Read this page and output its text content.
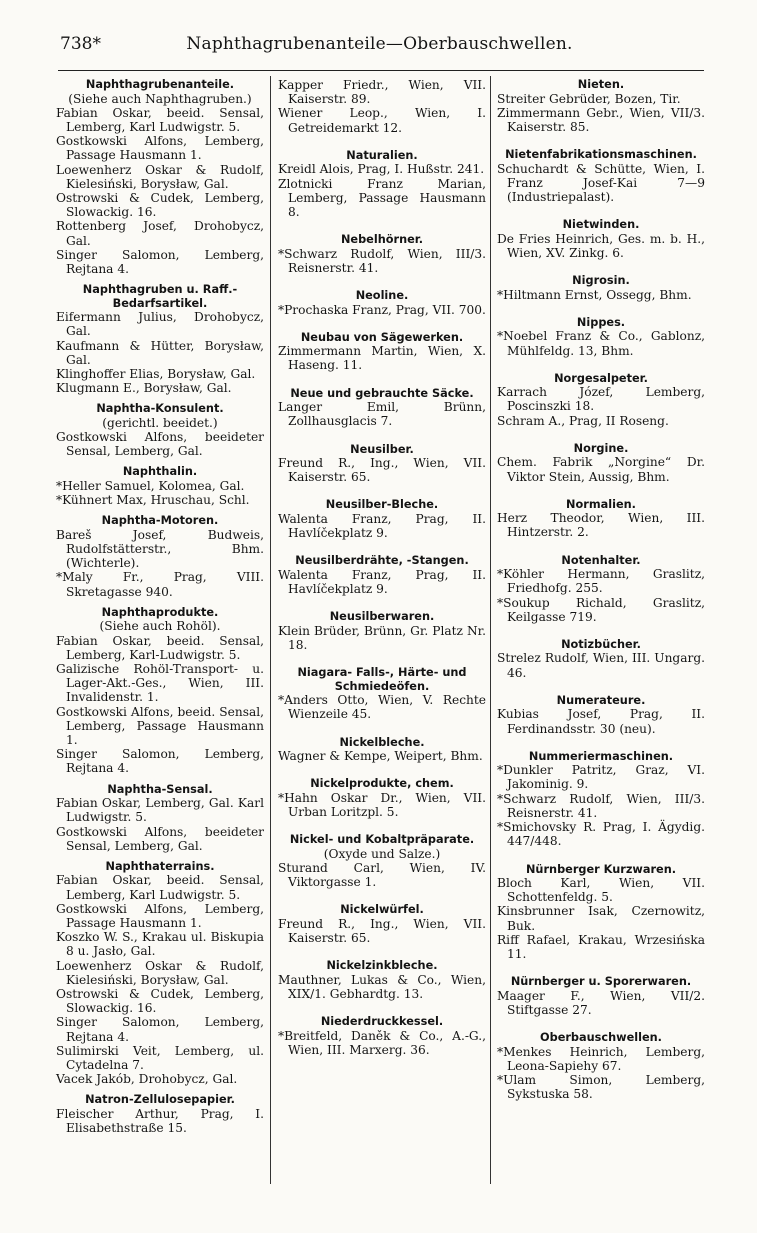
738*	Naphthagrubenanteile—Oberbauschwellen.
Naphthagrubenanteile.
(Siehe auch Naphthagruben.)
Fabian Oskar, beeid. Sensal, Lemberg, Karl Ludwigstr. 5.
Gostkowski Alfons, Lemberg, Passage Hausmann 1.
Loewenherz Oskar & Rudolf, Kielesiński, Borysław, Gal.
Ostrowski & Cudek, Lemberg, Slowackig. 16.
Rottenberg Josef, Drohobycz, Gal.
Singer Salomon, Lemberg, Rejtana 4.
Naphthagruben u. Raff.-Bedarfsartikel.
Eifermann Julius, Drohobycz, Gal.
Kaufmann & Hütter, Borysław, Gal.
Klinghoffer Elias, Borysław, Gal.
Klugmann E., Borysław, Gal.
Naphtha-Konsulent.
(gerichtl. beeidet.)
Gostkowski Alfons, beeideter Sensal, Lemberg, Gal.
Naphthalin.
*Heller Samuel, Kolomea, Gal.
*Kühnert Max, Hruschau, Schl.
Naphtha-Motoren.
Bareš Josef, Budweis, Rudolfstätterstr., Bhm. (Wichterle).
*Maly Fr., Prag, VIII. Skretagasse 940.
Naphthaprodukte.
(Siehe auch Rohöl).
Fabian Oskar, beeid. Sensal, Lemberg, Karl-Ludwigstr. 5.
Galizische Rohöl-Transport- u. Lager-Akt.-Ges., Wien, III. Invalidenstr. 1.
Gostkowski Alfons, beeid. Sensal, Lemberg, Passage Hausmann 1.
Singer Salomon, Lemberg, Rejtana 4.
Naphtha-Sensal.
Fabian Oskar, Lemberg, Gal. Karl Ludwigstr. 5.
Gostkowski Alfons, beeideter Sensal, Lemberg, Gal.
Naphthaterrains.
Fabian Oskar, beeid. Sensal, Lemberg, Karl Ludwigstr. 5.
Gostkowski Alfons, Lemberg, Passage Hausmann 1.
Koszko W. S., Krakau ul. Biskupia 8 u. Jasło, Gal.
Loewenherz Oskar & Rudolf, Kielesiński, Borysław, Gal.
Ostrowski & Cudek, Lemberg, Slowackig. 16.
Singer Salomon, Lemberg, Rejtana 4.
Sulimirski Veit, Lemberg, ul. Cytadelna 7.
Vacek Jakób, Drohobycz, Gal.
Natron-Zellulosepapier.
Fleischer Arthur, Prag, I. Elisabethstraße 15.
Kapper Friedr., Wien, VII. Kaiserstr. 89.
Wiener Leop., Wien, I. Getreidemarkt 12.
Naturalien.
Kreidl Alois, Prag, I. Hußstr. 241.
Zlotnicki Franz Marian, Lemberg, Passage Hausmann 8.
Nebelhörner.
*Schwarz Rudolf, Wien, III/3. Reisnerstr. 41.
Neoline.
*Prochaska Franz, Prag, VII. 700.
Neubau von Sägewerken.
Zimmermann Martin, Wien, X. Haseng. 11.
Neue und gebrauchte Säcke.
Langer Emil, Brünn, Zollhausglacis 7.
Neusilber.
Freund R., Ing., Wien, VII. Kaiserstr. 65.
Neusilber-Bleche.
Walenta Franz, Prag, II. Havlíčekplatz 9.
Neusilberdrähte, -Stangen.
Walenta Franz, Prag, II. Havlíčekplatz 9.
Neusilberwaren.
Klein Brüder, Brünn, Gr. Platz Nr. 18.
Niagara- Falls-, Härte- und Schmiedeöfen.
*Anders Otto, Wien, V. Rechte Wienzeile 45.
Nickelbleche.
Wagner & Kempe, Weipert, Bhm.
Nickelprodukte, chem.
*Hahn Oskar Dr., Wien, VII. Urban Loritzpl. 5.
Nickel- und Kobaltpräparate.
(Oxyde und Salze.)
Sturand Carl, Wien, IV. Viktorgasse 1.
Nickelwürfel.
Freund R., Ing., Wien, VII. Kaiserstr. 65.
Nickelzinkbleche.
Mauthner, Lukas & Co., Wien, XIX/1. Gebhardtg. 13.
Niederdruckkessel.
*Breitfeld, Daněk & Co., A.-G., Wien, III. Marxerg. 36.
Nieten.
Streiter Gebrüder, Bozen, Tir.
Zimmermann Gebr., Wien, VII/3. Kaiserstr. 85.
Nietenfabrikationsmaschinen.
Schuchardt & Schütte, Wien, I. Franz Josef-Kai 7—9 (Industriepalast).
Nietwinden.
De Fries Heinrich, Ges. m. b. H., Wien, XV. Zinkg. 6.
Nigrosin.
*Hiltmann Ernst, Ossegg, Bhm.
Nippes.
*Noebel Franz & Co., Gablonz, Mühlfeldg. 13, Bhm.
Norgesalpeter.
Karrach Józef, Lemberg, Poscinszki 18.
Schram A., Prag, II Roseng.
Norgine.
Chem. Fabrik „Norgine“ Dr. Viktor Stein, Aussig, Bhm.
Normalien.
Herz Theodor, Wien, III. Hintzerstr. 2.
Notenhalter.
*Köhler Hermann, Graslitz, Friedhofg. 255.
*Soukup Richald, Graslitz, Keilgasse 719.
Notizbücher.
Strelez Rudolf, Wien, III. Ungarg. 46.
Numerateure.
Kubias Josef, Prag, II. Ferdinandsstr. 30 (neu).
Nummeriermaschinen.
*Dunkler Patritz, Graz, VI. Jakominig. 9.
*Schwarz Rudolf, Wien, III/3. Reisnerstr. 41.
*Smichovsky R. Prag, I. Ägydig. 447/448.
Nürnberger Kurzwaren.
Bloch Karl, Wien, VII. Schottenfeldg. 5.
Kinsbrunner Isak, Czernowitz, Buk.
Riff Rafael, Krakau, Wrzesińska 11.
Nürnberger u. Sporerwaren.
Maager F., Wien, VII/2. Stiftgasse 27.
Oberbauschwellen.
*Menkes Heinrich, Lemberg, Leona-Sapiehy 67.
*Ulam Simon, Lemberg, Sykstuska 58.
